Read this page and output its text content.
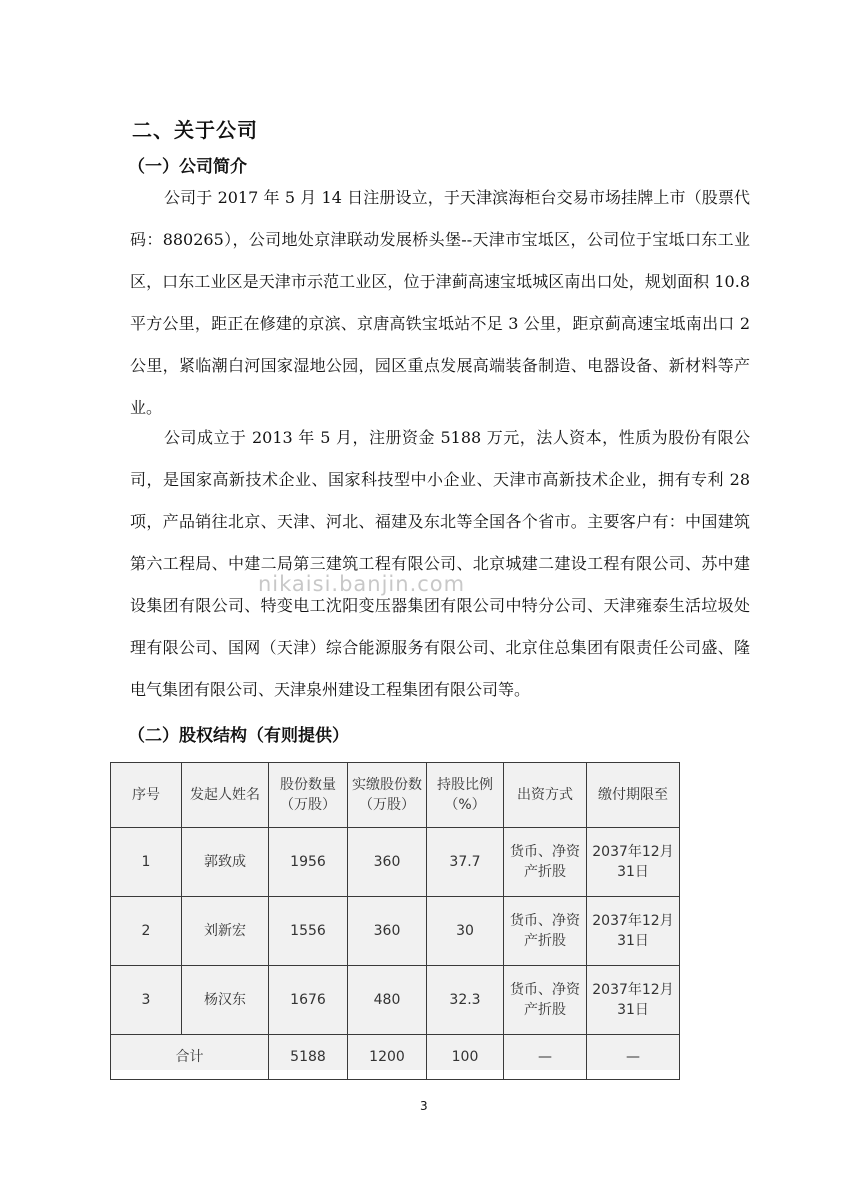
二、关于公司
（一）公司简介

公司于 2017 年 5 月 14 日注册设立，于天津滨海柜台交易市场挂牌上市（股票代码：880265），公司地处京津联动发展桥头堡--天津市宝坻区，公司位于宝坻口东工业区，口东工业区是天津市示范工业区，位于津蓟高速宝坻城区南出口处，规划面积 10.8 平方公里，距正在修建的京滨、京唐高铁宝坻站不足 3 公里，距京蓟高速宝坻南出口 2 公里，紧临潮白河国家湿地公园，园区重点发展高端装备制造、电器设备、新材料等产业。

公司成立于 2013 年 5 月，注册资金 5188 万元，法人资本，性质为股份有限公司，是国家高新技术企业、国家科技型中小企业、天津市高新技术企业，拥有专利 28 项，产品销往北京、天津、河北、福建及东北等全国各个省市。主要客户有：中国建筑第六工程局、中建二局第三建筑工程有限公司、北京城建二建设工程有限公司、苏中建设集团有限公司、特变电工沈阳变压器集团有限公司中特分公司、天津雍泰生活垃圾处理有限公司、国网（天津）综合能源服务有限公司、北京住总集团有限责任公司盛、隆电气集团有限公司、天津泉州建设工程集团有限公司等。

nikaisi.banjin.com
（二）股权结构（有则提供）
序号	发起人姓名	股份数量（万股）	实缴股份数（万股）	持股比例（%）	出资方式	缴付期限至
1	郭致成	1956	360	37.7	货币、净资产折股	2037年12月31日
2	刘新宏	1556	360	30	货币、净资产折股	2037年12月31日
3	杨汉东	1676	480	32.3	货币、净资产折股	2037年12月31日
合计		5188	1200	100	—	—
3
